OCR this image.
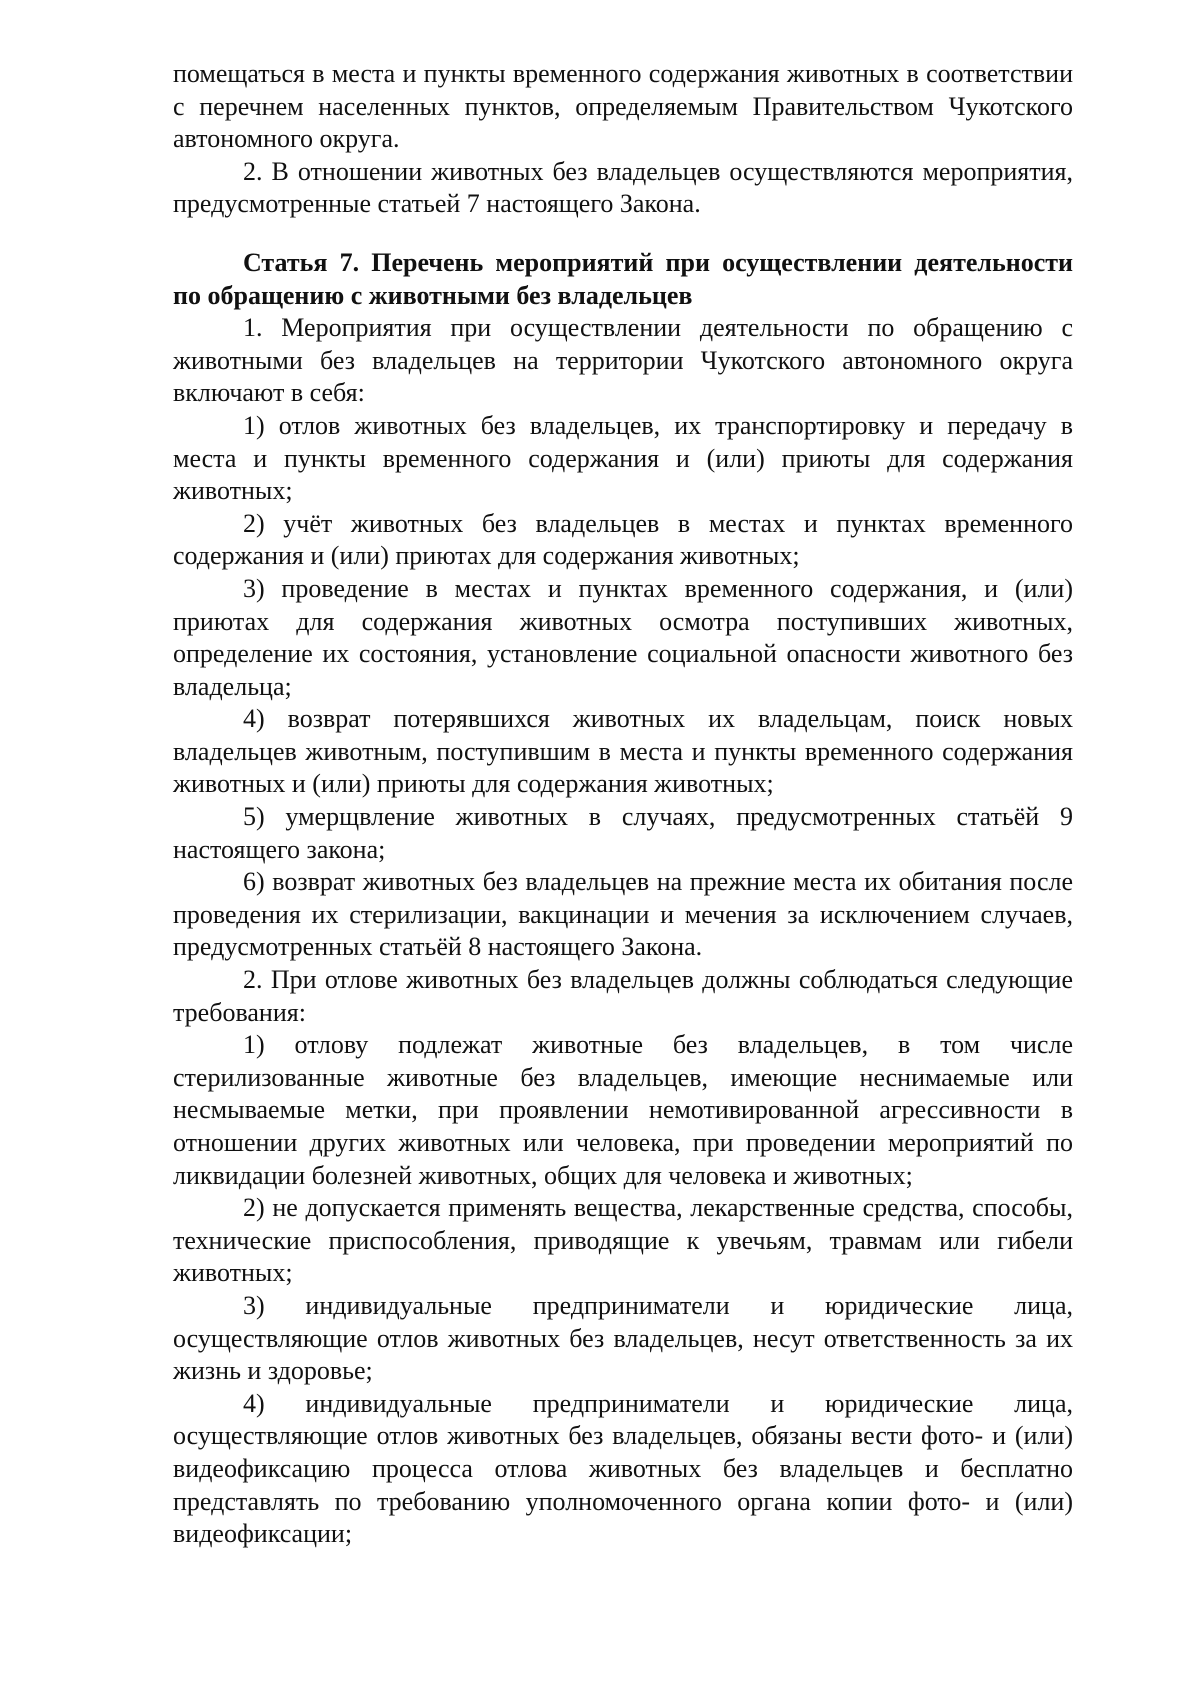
помещаться в места и пункты временного содержания животных в соответствии с перечнем населенных пунктов, определяемым Правительством Чукотского автономного округа.

2. В отношении животных без владельцев осуществляются мероприятия, предусмотренные статьей 7 настоящего Закона.

Статья 7. Перечень мероприятий при осуществлении деятельности по обращению с животными без владельцев

1. Мероприятия при осуществлении деятельности по обращению с животными без владельцев на территории Чукотского автономного округа включают в себя:

1) отлов животных без владельцев, их транспортировку и передачу в места и пункты временного содержания и (или) приюты для содержания животных;

2) учёт животных без владельцев в местах и пунктах временного содержания и (или) приютах для содержания животных;

3) проведение в местах и пунктах временного содержания, и (или) приютах для содержания животных осмотра поступивших животных, определение их состояния, установление социальной опасности животного без владельца;

4) возврат потерявшихся животных их владельцам, поиск новых владельцев животным, поступившим в места и пункты временного содержания животных и (или) приюты для содержания животных;

5) умерщвление животных в случаях, предусмотренных статьёй 9 настоящего закона;

6) возврат животных без владельцев на прежние места их обитания после проведения их стерилизации, вакцинации и мечения за исключением случаев, предусмотренных статьёй 8 настоящего Закона.

2. При отлове животных без владельцев должны соблюдаться следующие требования:

1) отлову подлежат животные без владельцев, в том числе стерилизованные животные без владельцев, имеющие неснимаемые или несмываемые метки, при проявлении немотивированной агрессивности в отношении других животных или человека, при проведении мероприятий по ликвидации болезней животных, общих для человека и животных;

2) не допускается применять вещества, лекарственные средства, способы, технические приспособления, приводящие к увечьям, травмам или гибели животных;

3) индивидуальные предприниматели и юридические лица, осуществляющие отлов животных без владельцев, несут ответственность за их жизнь и здоровье;

4) индивидуальные предприниматели и юридические лица, осуществляющие отлов животных без владельцев, обязаны вести фото- и (или) видеофиксацию процесса отлова животных без владельцев и бесплатно представлять по требованию уполномоченного органа копии фото- и (или) видеофиксации;
